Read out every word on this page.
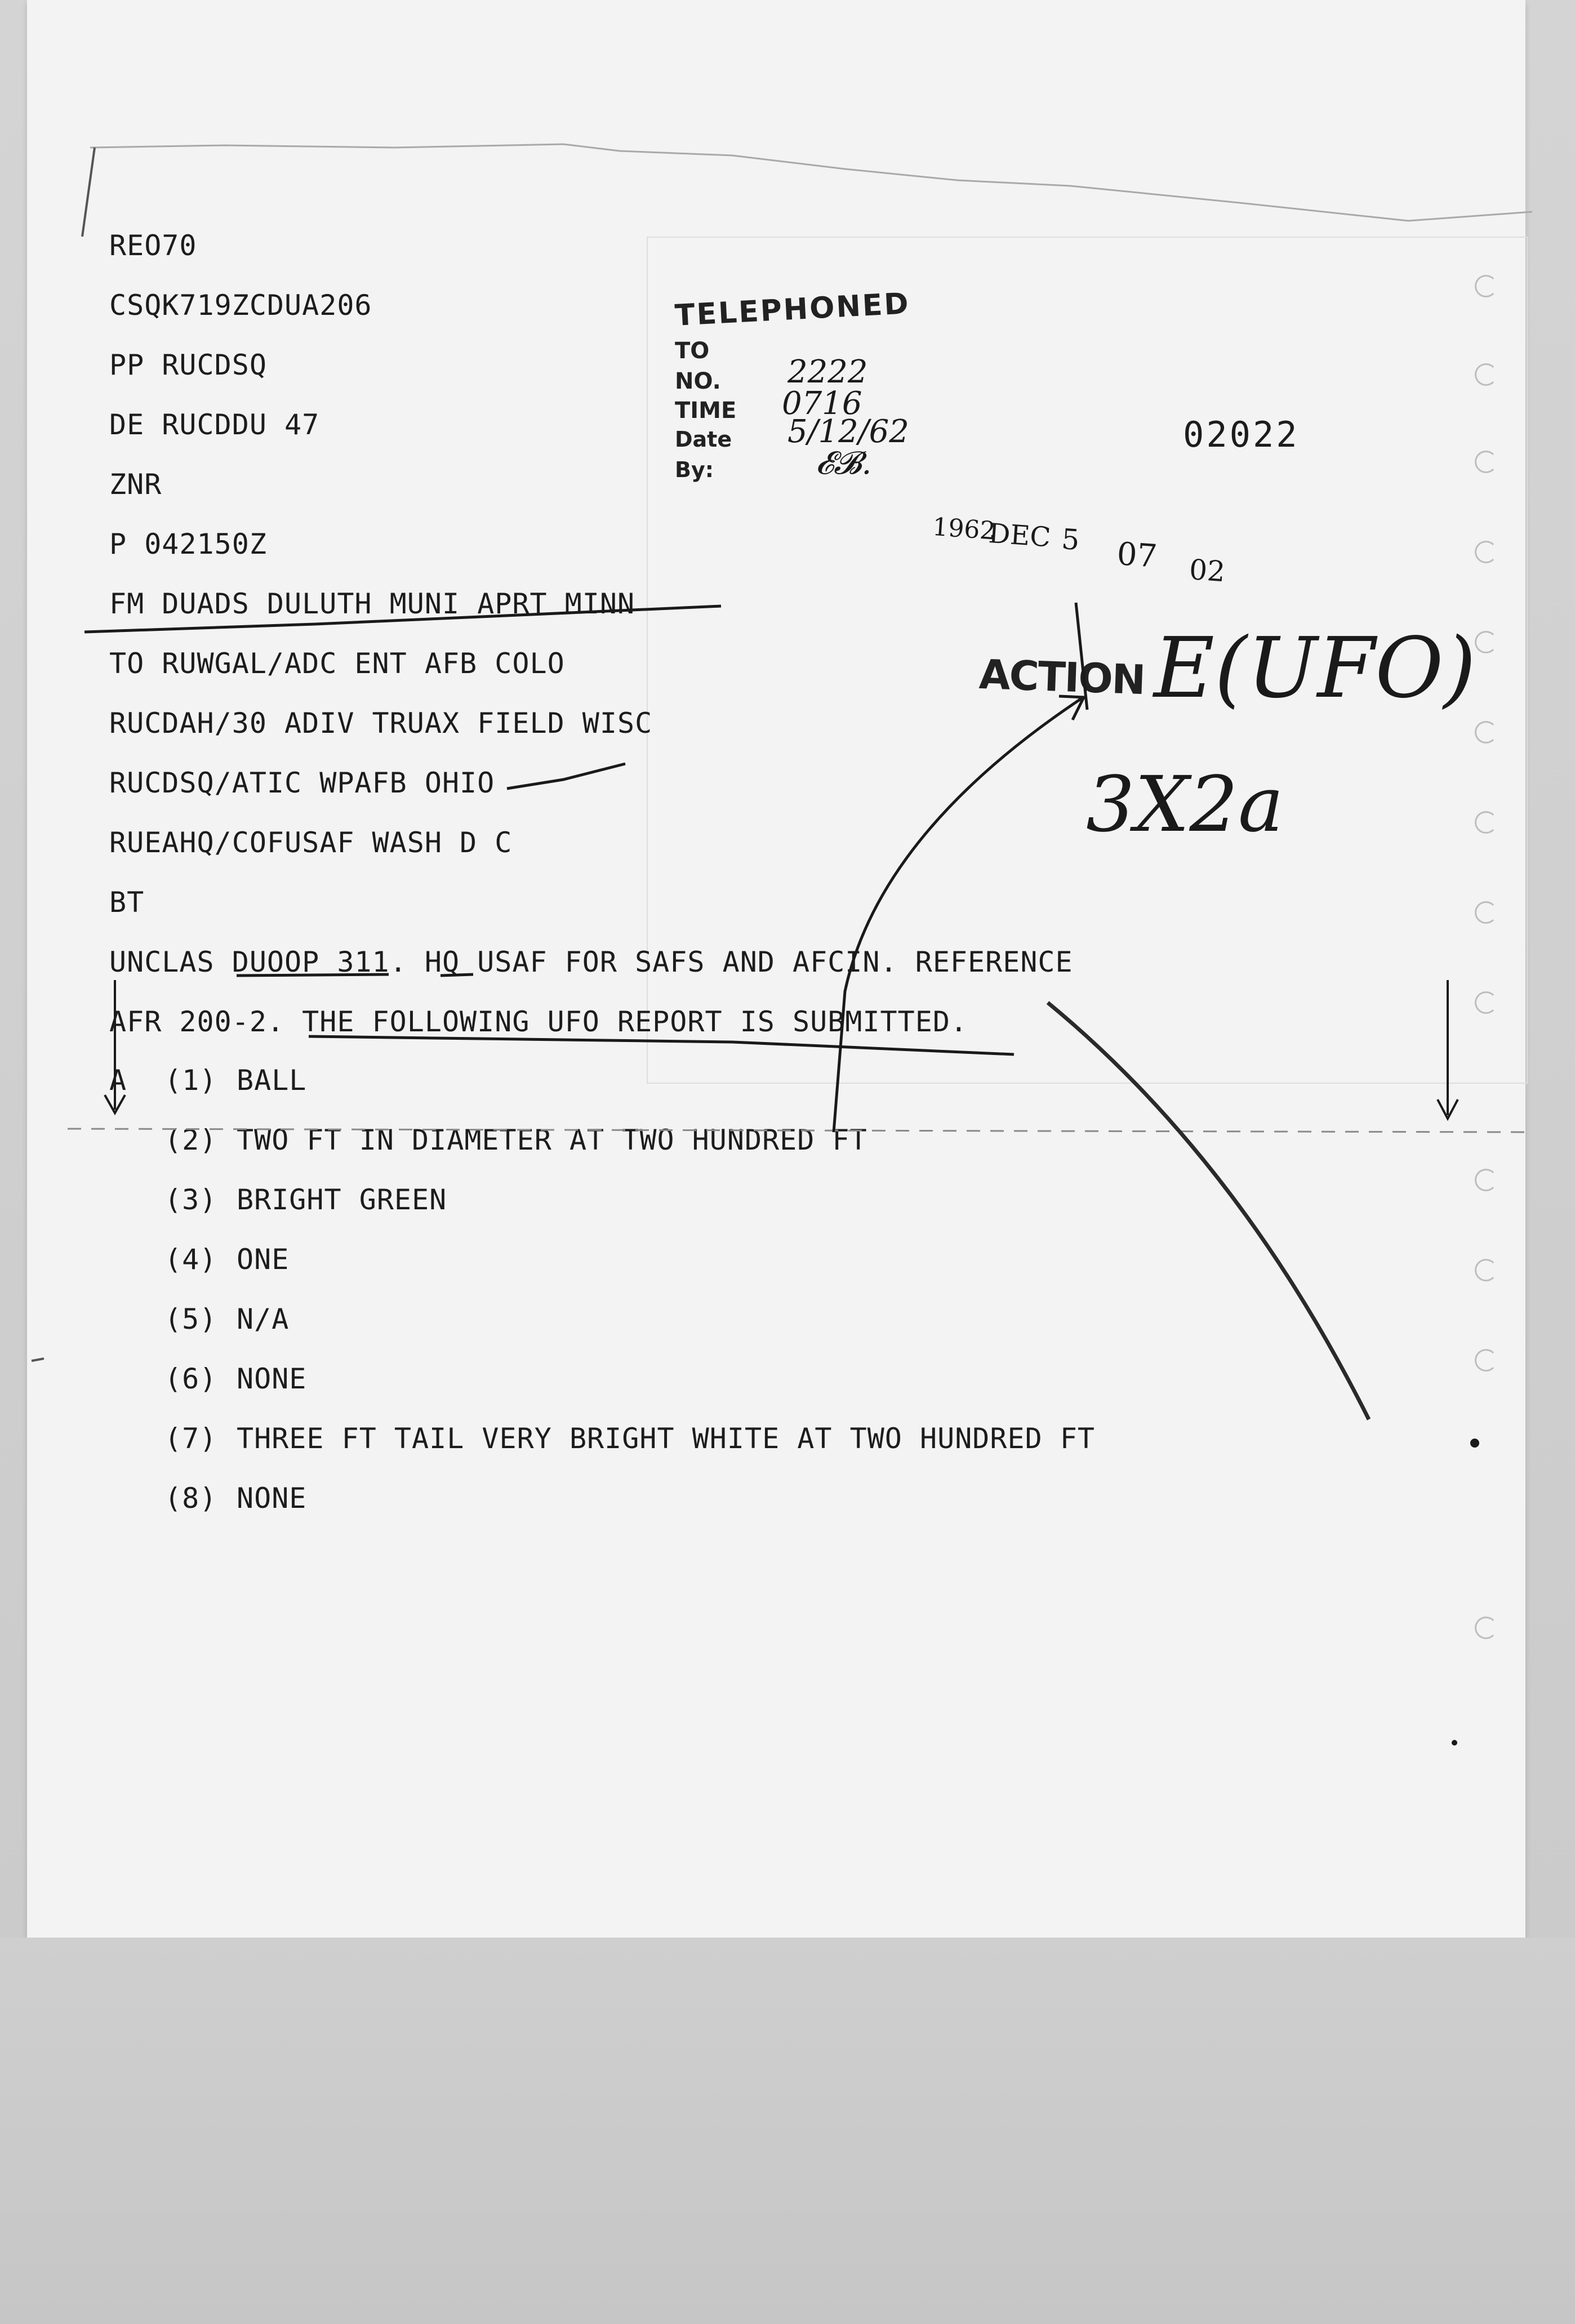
REO70
CSQK719ZCDUA206
PP RUCDSQ
DE RUCDDU 47
ZNR
P 042150Z
FM DUADS DULUTH MUNI APRT MINN
TO RUWGAL/ADC ENT AFB COLO
RUCDAH/30 ADIV TRUAX FIELD WISC
RUCDSQ/ATIC WPAFB OHIO
RUEAHQ/COFUSAF WASH D C
BT
UNCLAS DUOOP 311. HQ USAF FOR SAFS AND AFCIN. REFERENCE
AFR 200-2. THE FOLLOWING UFO REPORT IS SUBMITTED.
A (1) BALL
(2) TWO FT IN DIAMETER AT TWO HUNDRED FT
(3) BRIGHT GREEN
(4) ONE
(5) N/A
(6) NONE
(7) THREE FT TAIL VERY BRIGHT WHITE AT TWO HUNDRED FT
(8) NONE
TELEPHONED
TO
NO.
TIME
Date
By:
2222
0716
5/12/62
𝓔𝓑.
02022
1962
DEC 5 07 02
ACTION E(UFO)
3X2a
